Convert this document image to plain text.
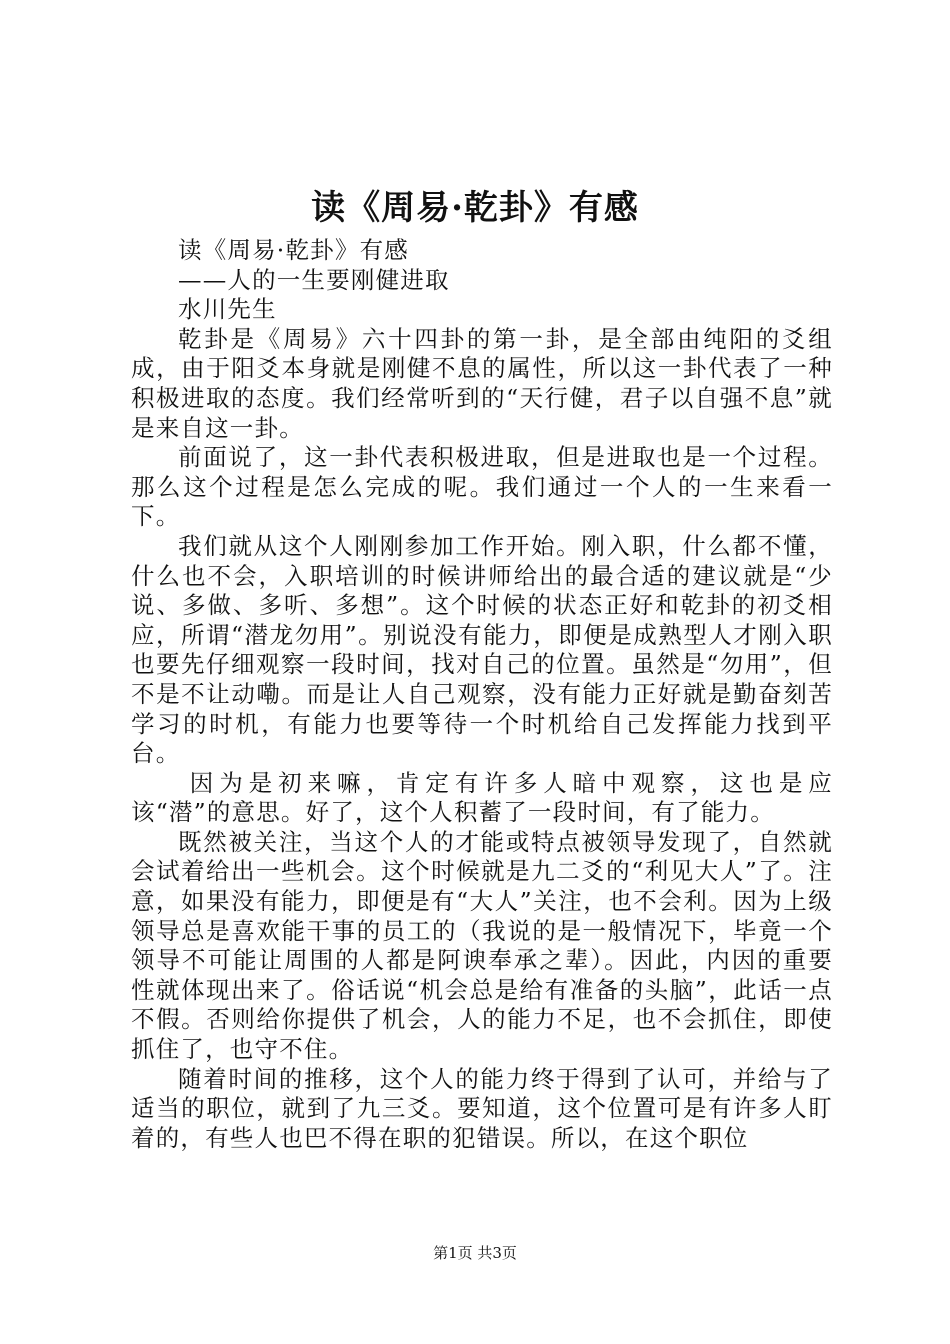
读《周易·乾卦》有感

读《周易·乾卦》有感

——人的一生要刚健进取

水川先生

乾卦是《周易》六十四卦的第一卦，是全部由纯阳的爻组成，由于阳爻本身就是刚健不息的属性，所以这一卦代表了一种积极进取的态度。我们经常听到的“天行健，君子以自强不息”就是来自这一卦。

前面说了，这一卦代表积极进取，但是进取也是一个过程。那么这个过程是怎么完成的呢。我们通过一个人的一生来看一下。

我们就从这个人刚刚参加工作开始。刚入职，什么都不懂，什么也不会，入职培训的时候讲师给出的最合适的建议就是“少说、多做、多听、多想”。这个时候的状态正好和乾卦的初爻相应，所谓“潜龙勿用”。别说没有能力，即便是成熟型人才刚入职也要先仔细观察一段时间，找对自己的位置。虽然是“勿用”，但不是不让动嘞。而是让人自己观察，没有能力正好就是勤奋刻苦学习的时机，有能力也要等待一个时机给自己发挥能力找到平台。

因为是初来嘛，肯定有许多人暗中观察，这也是应该“潜”的意思。好了，这个人积蓄了一段时间，有了能力。

既然被关注，当这个人的才能或特点被领导发现了，自然就会试着给出一些机会。这个时候就是九二爻的“利见大人”了。注意，如果没有能力，即便是有“大人”关注，也不会利。因为上级领导总是喜欢能干事的员工的（我说的是一般情况下，毕竟一个领导不可能让周围的人都是阿谀奉承之辈）。因此，内因的重要性就体现出来了。俗话说“机会总是给有准备的头脑”，此话一点不假。否则给你提供了机会，人的能力不足，也不会抓住，即使抓住了，也守不住。

随着时间的推移，这个人的能力终于得到了认可，并给与了适当的职位，就到了九三爻。要知道，这个位置可是有许多人盯着的，有些人也巴不得在职的犯错误。所以，在这个职位

第1页 共3页
